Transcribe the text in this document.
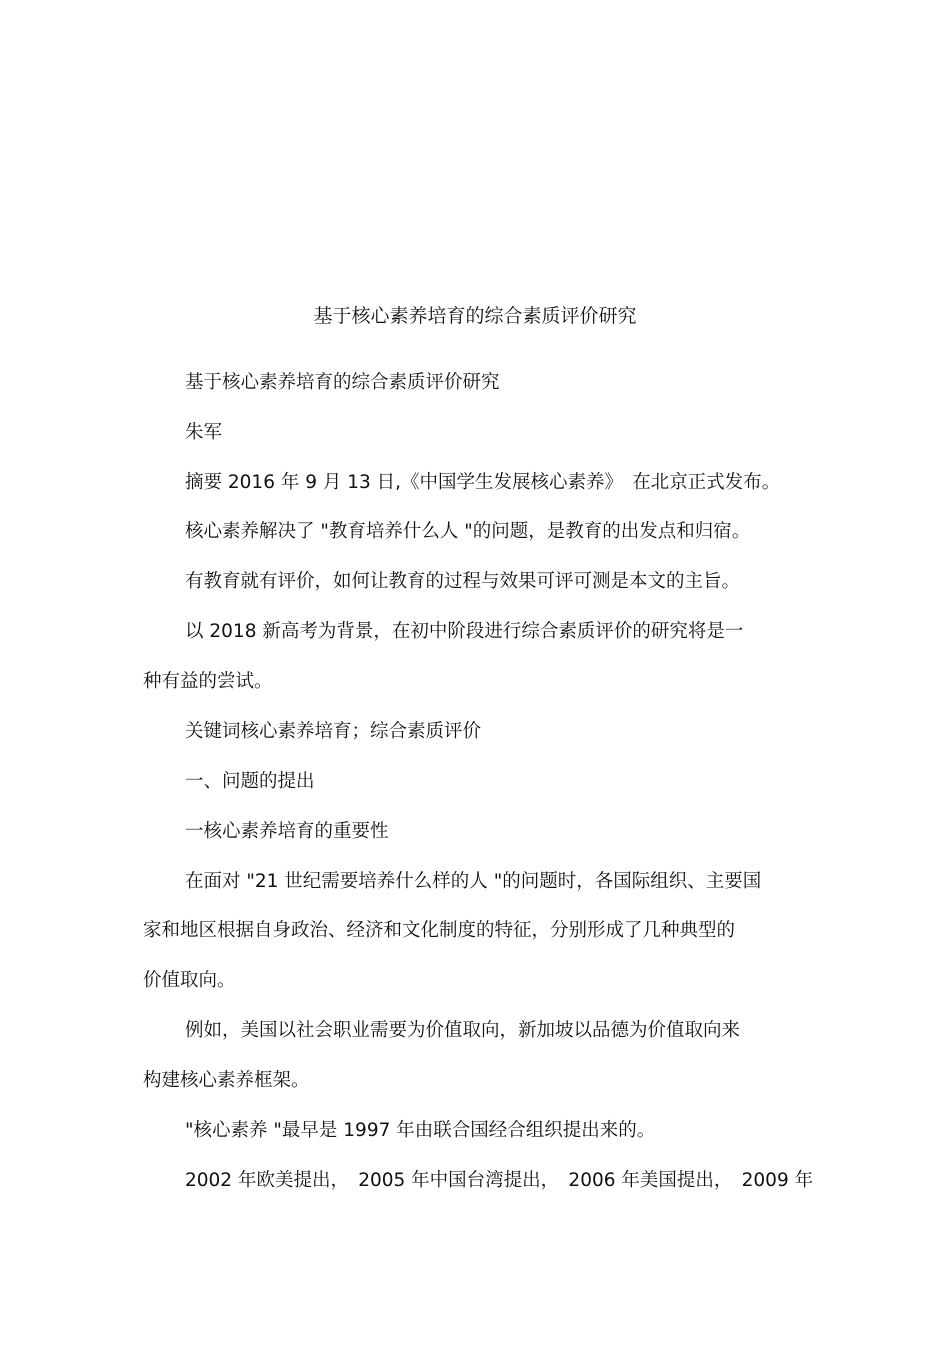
基于核心素养培育的综合素质评价研究
基于核心素养培育的综合素质评价研究
朱军
摘要 2016 年 9 月 13 日,《中国学生发展核心素养》　在北京正式发布。
核心素养解决了 "教育培养什么人 "的问题，是教育的出发点和归宿。
有教育就有评价，如何让教育的过程与效果可评可测是本文的主旨。
以 2018 新高考为背景，在初中阶段进行综合素质评价的研究将是一
种有益的尝试。
关键词核心素养培育；综合素质评价
一、问题的提出
一核心素养培育的重要性
在面对 "21 世纪需要培养什么样的人 "的问题时，各国际组织、主要国
家和地区根据自身政治、经济和文化制度的特征，分别形成了几种典型的
价值取向。
例如，美国以社会职业需要为价值取向，新加坡以品德为价值取向来
构建核心素养框架。
"核心素养 "最早是 1997 年由联合国经合组织提出来的。
2002 年欧美提出，　2005 年中国台湾提出，　2006 年美国提出，　2009 年
